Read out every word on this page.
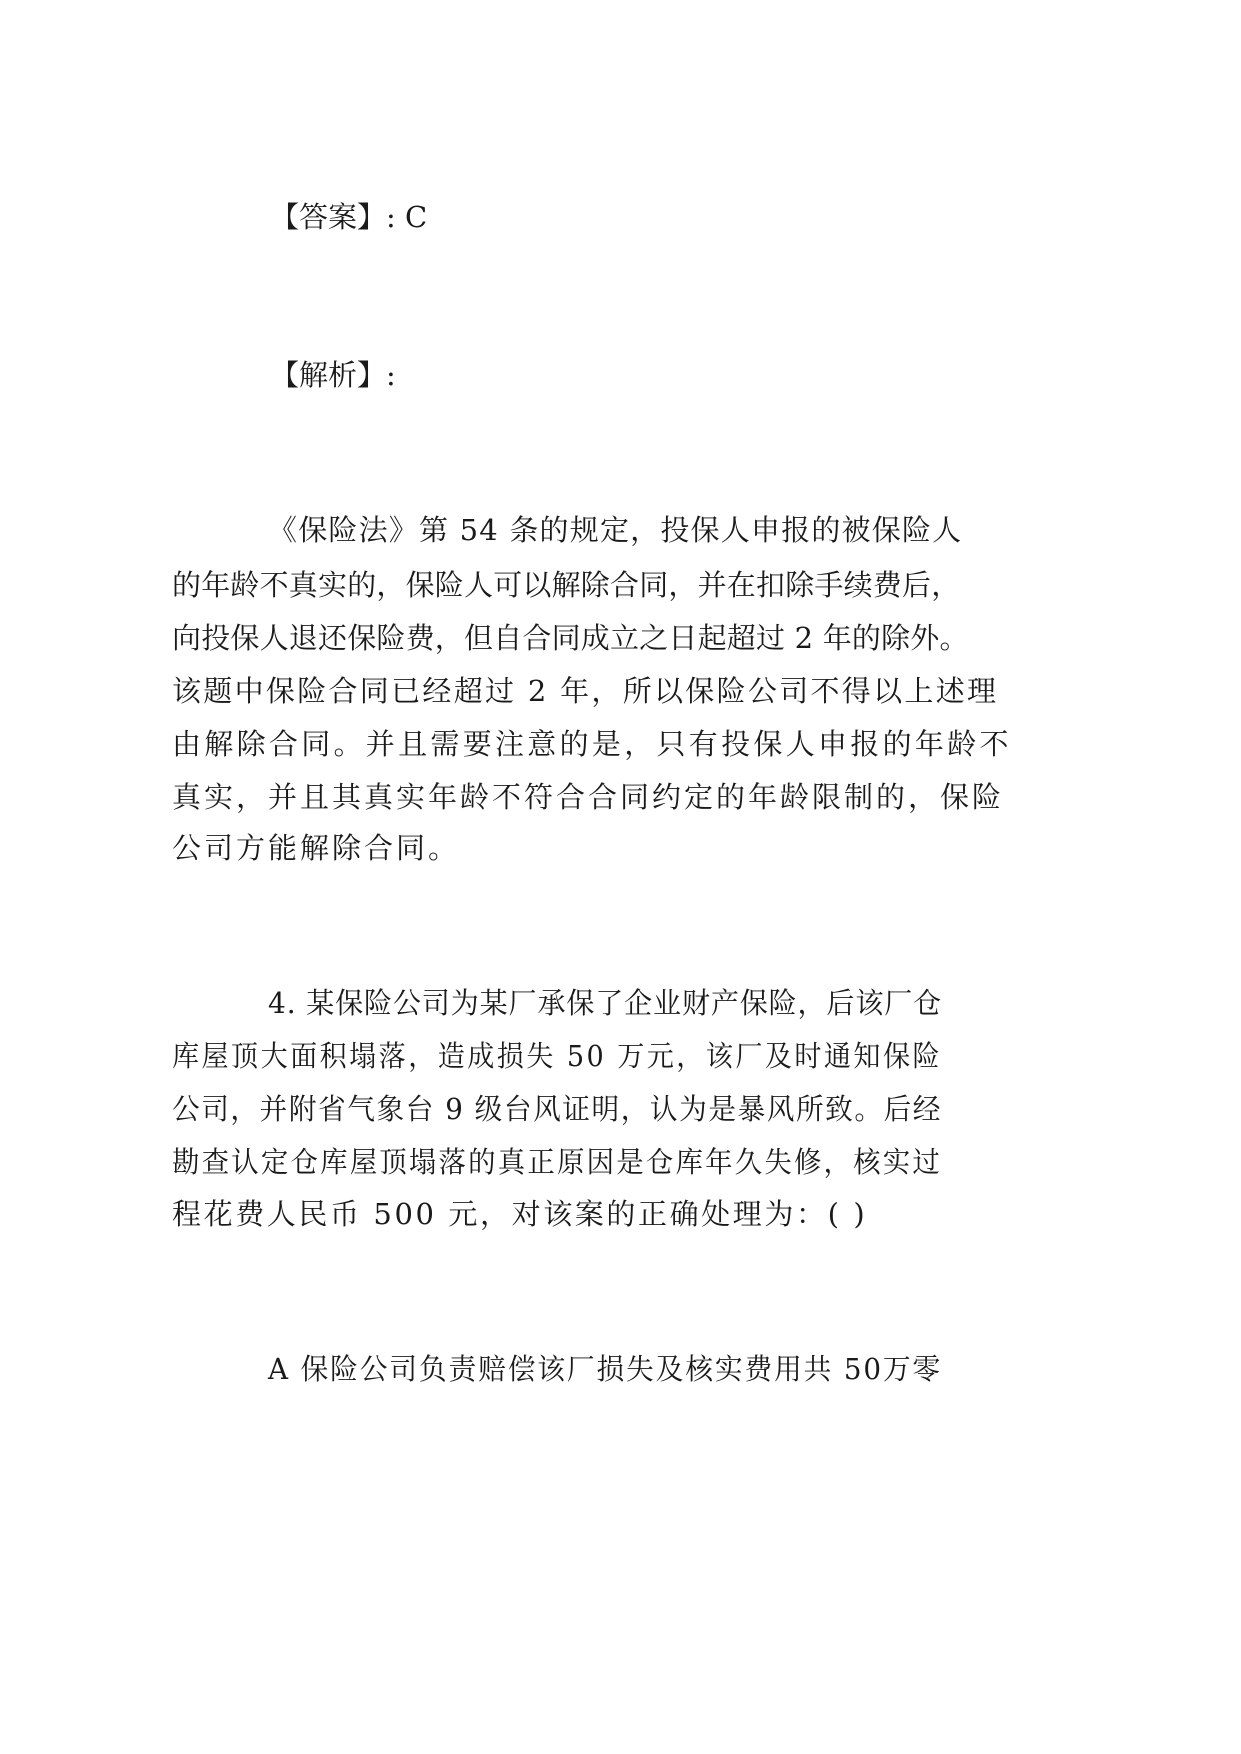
【答案】: C
【解析】:
《保险法》第 54 条的规定，投保人申报的被保险人
的年龄不真实的，保险人可以解除合同，并在扣除手续费后，
向投保人退还保险费，但自合同成立之日起超过 2 年的除外。
该题中保险合同已经超过 2 年，所以保险公司不得以上述理
由解除合同。并且需要注意的是，只有投保人申报的年龄不
真实，并且其真实年龄不符合合同约定的年龄限制的，保险
公司方能解除合同。
4. 某保险公司为某厂承保了企业财产保险，后该厂仓
库屋顶大面积塌落，造成损失 50 万元，该厂及时通知保险
公司，并附省气象台 9 级台风证明，认为是暴风所致。后经
勘查认定仓库屋顶塌落的真正原因是仓库年久失修，核实过
程花费人民币 500 元，对该案的正确处理为：( )
A 保险公司负责赔偿该厂损失及核实费用共 50万零
